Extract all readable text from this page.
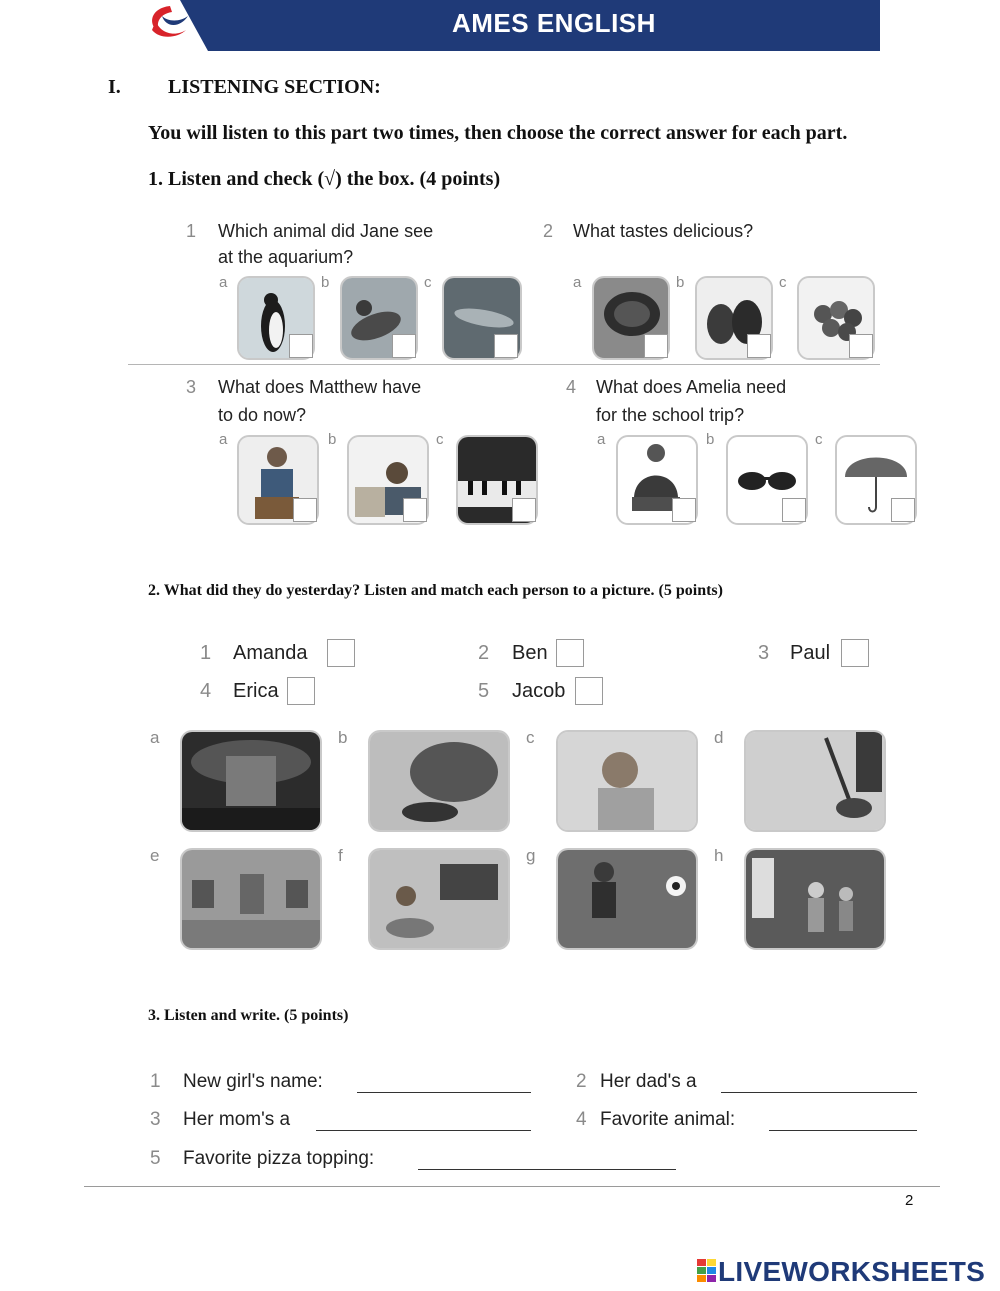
AMES ENGLISH
I. LISTENING SECTION:
You will listen to this part two times, then choose the correct answer for each part.
1. Listen and check (√) the box. (4 points)
1 Which animal did Jane see
at the aquarium?
2 What tastes delicious?
3 What does Matthew have
to do now?
4 What does Amelia need
for the school trip?
a	b	c	a	b	c
a	b	c	a	b	c
2. What did they do yesterday? Listen and match each person to a picture. (5 points)
1 Amanda	2 Ben	3 Paul
4 Erica	5 Jacob
a	b	c	d
e	f	g	h
3. Listen and write. (5 points)
1 New girl's name:	2 Her dad's a
3 Her mom's a	4 Favorite animal:
5 Favorite pizza topping:
2
LIVEWORKSHEETS
